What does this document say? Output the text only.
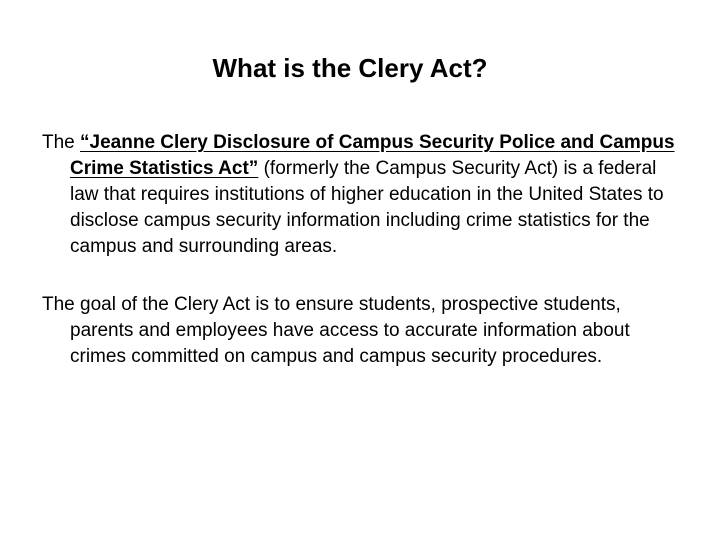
What is the Clery Act?

The “Jeanne Clery Disclosure of Campus Security Police and Campus Crime Statistics Act” (formerly the Campus Security Act) is a federal law that requires institutions of higher education in the United States to disclose campus security information including crime statistics for the campus and surrounding areas.

The goal of the Clery Act is to ensure students, prospective students, parents and employees have access to accurate information about crimes committed on campus and campus security procedures.
